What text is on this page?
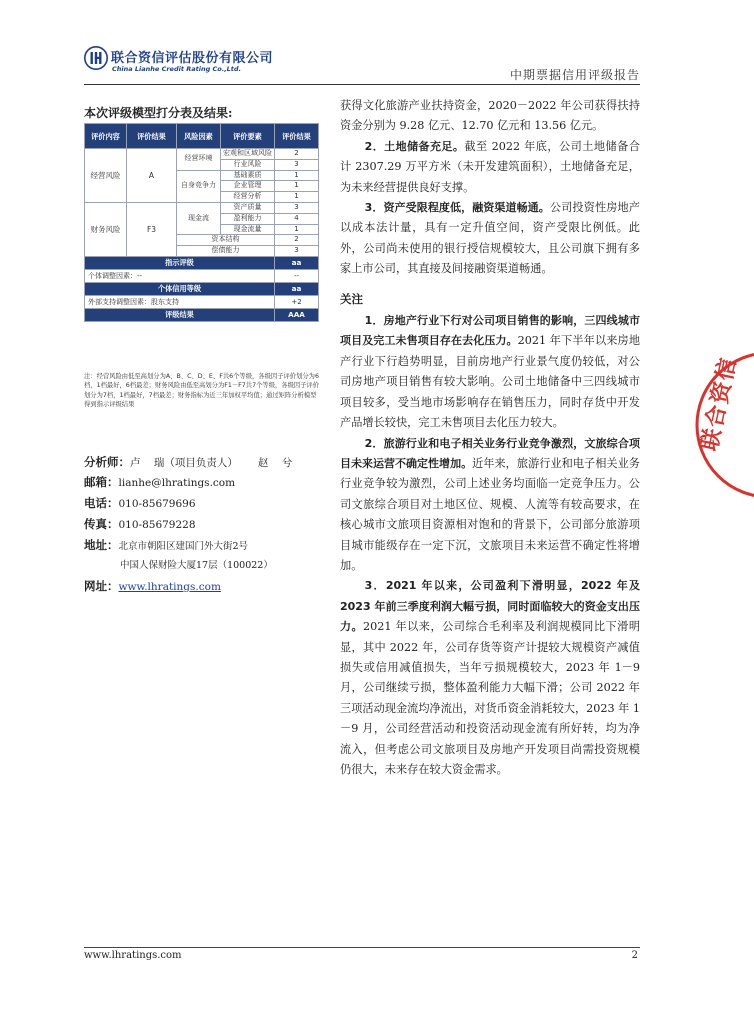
联合资信评估股份有限公司
China Lianhe Credit Rating Co.,Ltd.	中期票据信用评级报告
本次评级模型打分表及结果:
评价内容	评价结果	风险因素	评价要素	评价结果
经营风险	A	经营环境	宏观和区域风险	2

			行业风险	3
		自身竞争力	基础素质	1
			企业管理	1
			经营分析	1
财务风险	F3	现金流	资产质量	3
			盈利能力	4
			现金流量	1
		资本结构		2
		偿债能力		3
指示评级				aa
个体调整因素：--				--
个体信用等级				aa
外部支持调整因素：股东支持				+2
评级结果				AAA
注：经营风险由低至高划分为A、B、C、D、E、F共6个等级，各级因子评价划分为6档，1档最好，6档最差；财务风险由低至高划分为F1－F7共7个等级，各级因子评价划分为7档，1档最好，7档最差；财务指标为近三年加权平均值；通过矩阵分析模型得到指示评级结果
分析师：卢    瑞（项目负责人）      赵    兮
邮箱：lianhe@lhratings.com
电话：010-85679696
传真：010-85679228
地址：北京市朝阳区建国门外大街2号
中国人保财险大厦17层（100022）
网址：www.lhratings.com

获得文化旅游产业扶持资金，2020－2022 年公司获得扶持资金分别为 9.28 亿元、12.70 亿元和 13.56 亿元。

2．土地储备充足。截至 2022 年底，公司土地储备合计 2307.29 万平方米（未开发建筑面积），土地储备充足，为未来经营提供良好支撑。

3．资产受限程度低，融资渠道畅通。公司投资性房地产以成本法计量，具有一定升值空间，资产受限比例低。此外，公司尚未使用的银行授信规模较大，且公司旗下拥有多家上市公司，其直接及间接融资渠道畅通。

关注

1．房地产行业下行对公司项目销售的影响，三四线城市项目及完工未售项目存在去化压力。2021 年下半年以来房地产行业下行趋势明显，目前房地产行业景气度仍较低，对公司房地产项目销售有较大影响。公司土地储备中三四线城市项目较多，受当地市场影响存在销售压力，同时存货中开发产品增长较快，完工未售项目去化压力较大。

2．旅游行业和电子相关业务行业竞争激烈，文旅综合项目未来运营不确定性增加。近年来，旅游行业和电子相关业务行业竞争较为激烈，公司上述业务均面临一定竞争压力。公司文旅综合项目对土地区位、规模、人流等有较高要求，在核心城市文旅项目资源相对饱和的背景下，公司部分旅游项目城市能级存在一定下沉，文旅项目未来运营不确定性将增加。

3．2021 年以来，公司盈利下滑明显，2022 年及 2023 年前三季度利润大幅亏损，同时面临较大的资金支出压力。2021 年以来，公司综合毛利率及利润规模同比下滑明显，其中 2022 年，公司存货等资产计提较大规模资产减值损失或信用减值损失，当年亏损规模较大，2023 年 1－9 月，公司继续亏损，整体盈利能力大幅下滑；公司 2022 年三项活动现金流均净流出，对货币资金消耗较大，2023 年 1－9 月，公司经营活动和投资活动现金流有所好转，均为净流入，但考虑公司文旅项目及房地产开发项目尚需投资规模仍很大，未来存在较大资金需求。

联合资信
www.lhratings.com	2
